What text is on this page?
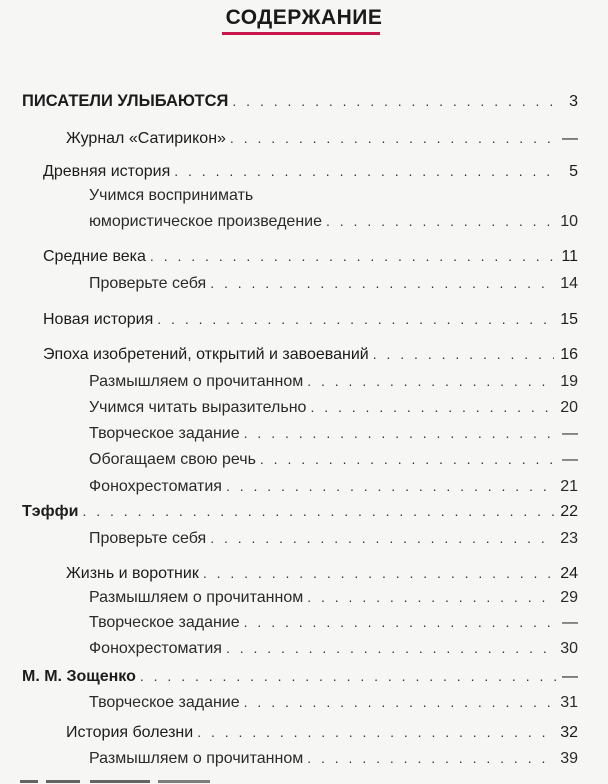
СОДЕРЖАНИЕ
ПИСАТЕЛИ УЛЫБАЮТСЯ . . .	3
Журнал «Сатирикон» . . .	—
Древняя история . . .	5
Учимся воспринимать
юмористическое произведение . . .	10
Средние века . . .	11
Проверьте себя . . .	14
Новая история . . .	15
Эпоха изобретений, открытий и завоеваний . . .	16
Размышляем о прочитанном . . .	19
Учимся читать выразительно . . .	20
Творческое задание . . .	—
Обогащаем свою речь . . .	—
Фонохрестоматия . . .	21
Тэффи . . .	22
Проверьте себя . . .	23
Жизнь и воротник . . .	24
Размышляем о прочитанном . . .	29
Творческое задание . . .	—
Фонохрестоматия . . .	30
М. М. Зощенко . . .	—
Творческое задание . . .	31
История болезни . . .	32
Размышляем о прочитанном . . .	39
